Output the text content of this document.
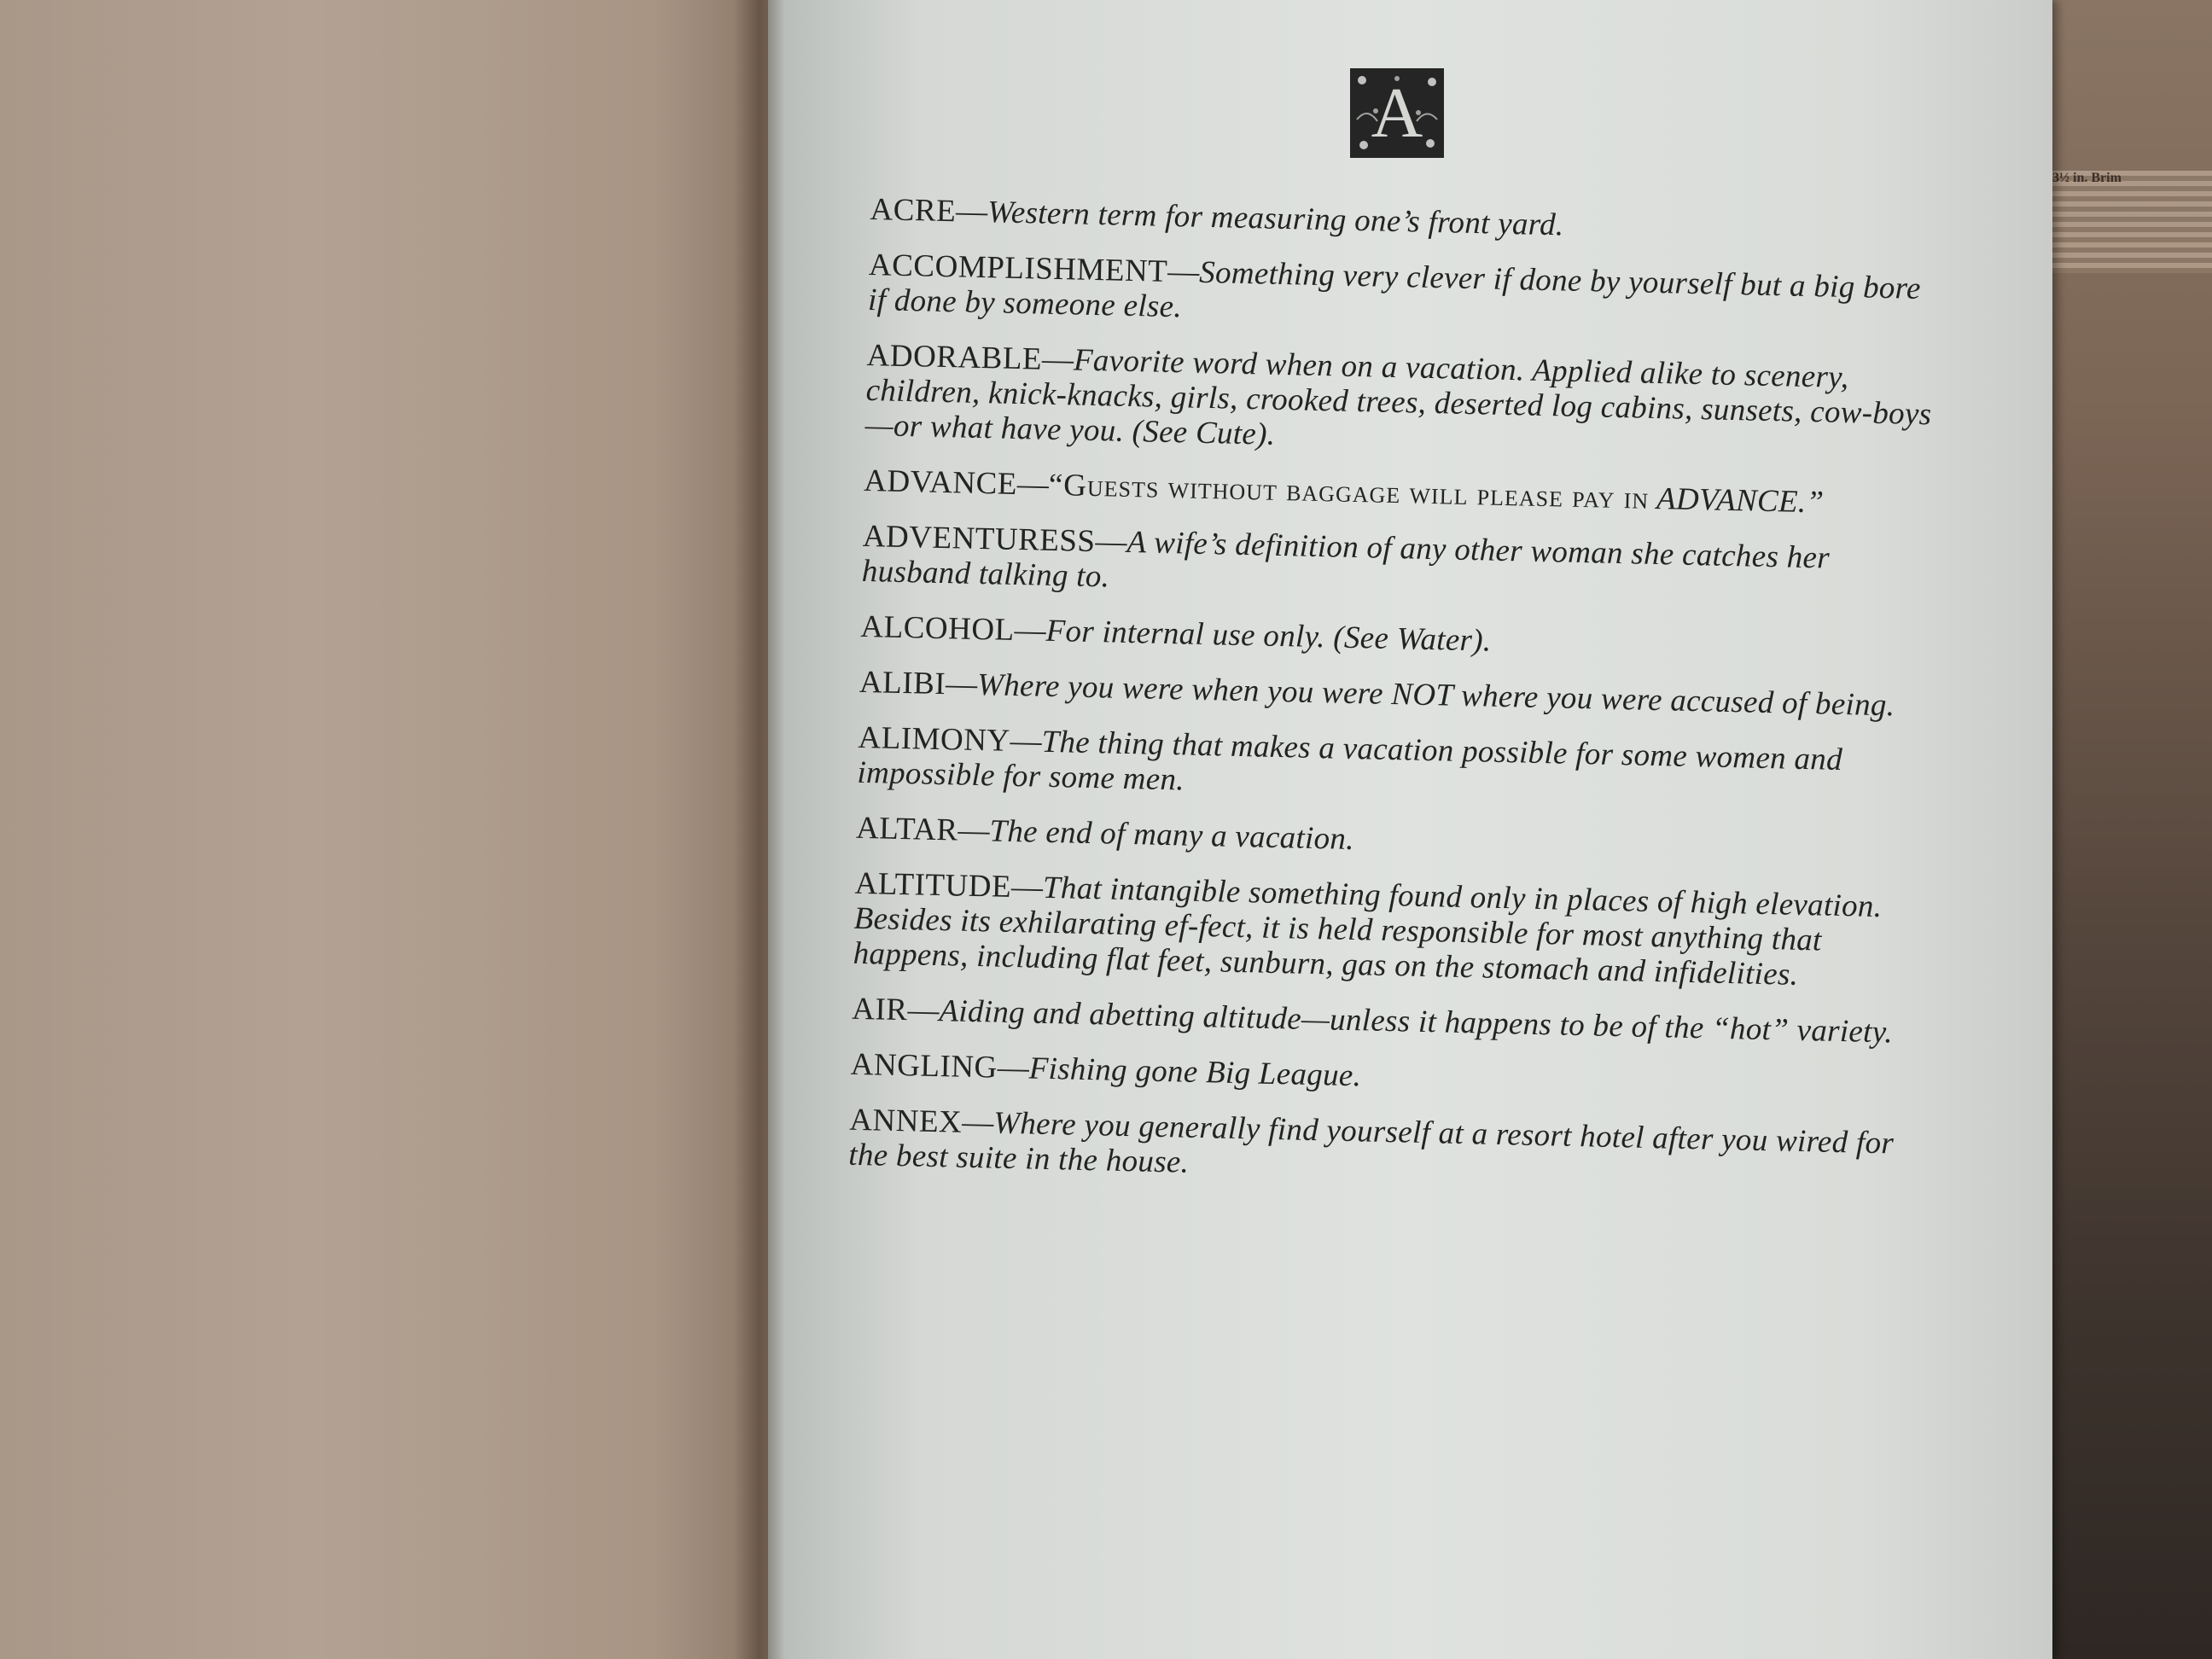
3½ in. Brim
A
ACRE—Western term for measuring one’s front yard.
ACCOMPLISHMENT—Something very clever if done by yourself but a big bore if done by someone else.
ADORABLE—Favorite word when on a vacation. Applied alike to scenery, children, knick-knacks, girls, crooked trees, deserted log cabins, sunsets, cow-boys—or what have you. (See Cute).
ADVANCE—“Guests without baggage will please pay in ADVANCE.”
ADVENTURESS—A wife’s definition of any other woman she catches her husband talking to.
ALCOHOL—For internal use only. (See Water).
ALIBI—Where you were when you were NOT where you were accused of being.
ALIMONY—The thing that makes a vacation possible for some women and impossible for some men.
ALTAR—The end of many a vacation.
ALTITUDE—That intangible something found only in places of high elevation. Besides its exhilarating ef-fect, it is held responsible for most anything that happens, including flat feet, sunburn, gas on the stomach and infidelities.
AIR—Aiding and abetting altitude—unless it happens to be of the “hot” variety.
ANGLING—Fishing gone Big League.
ANNEX—Where you generally find yourself at a resort hotel after you wired for the best suite in the house.
